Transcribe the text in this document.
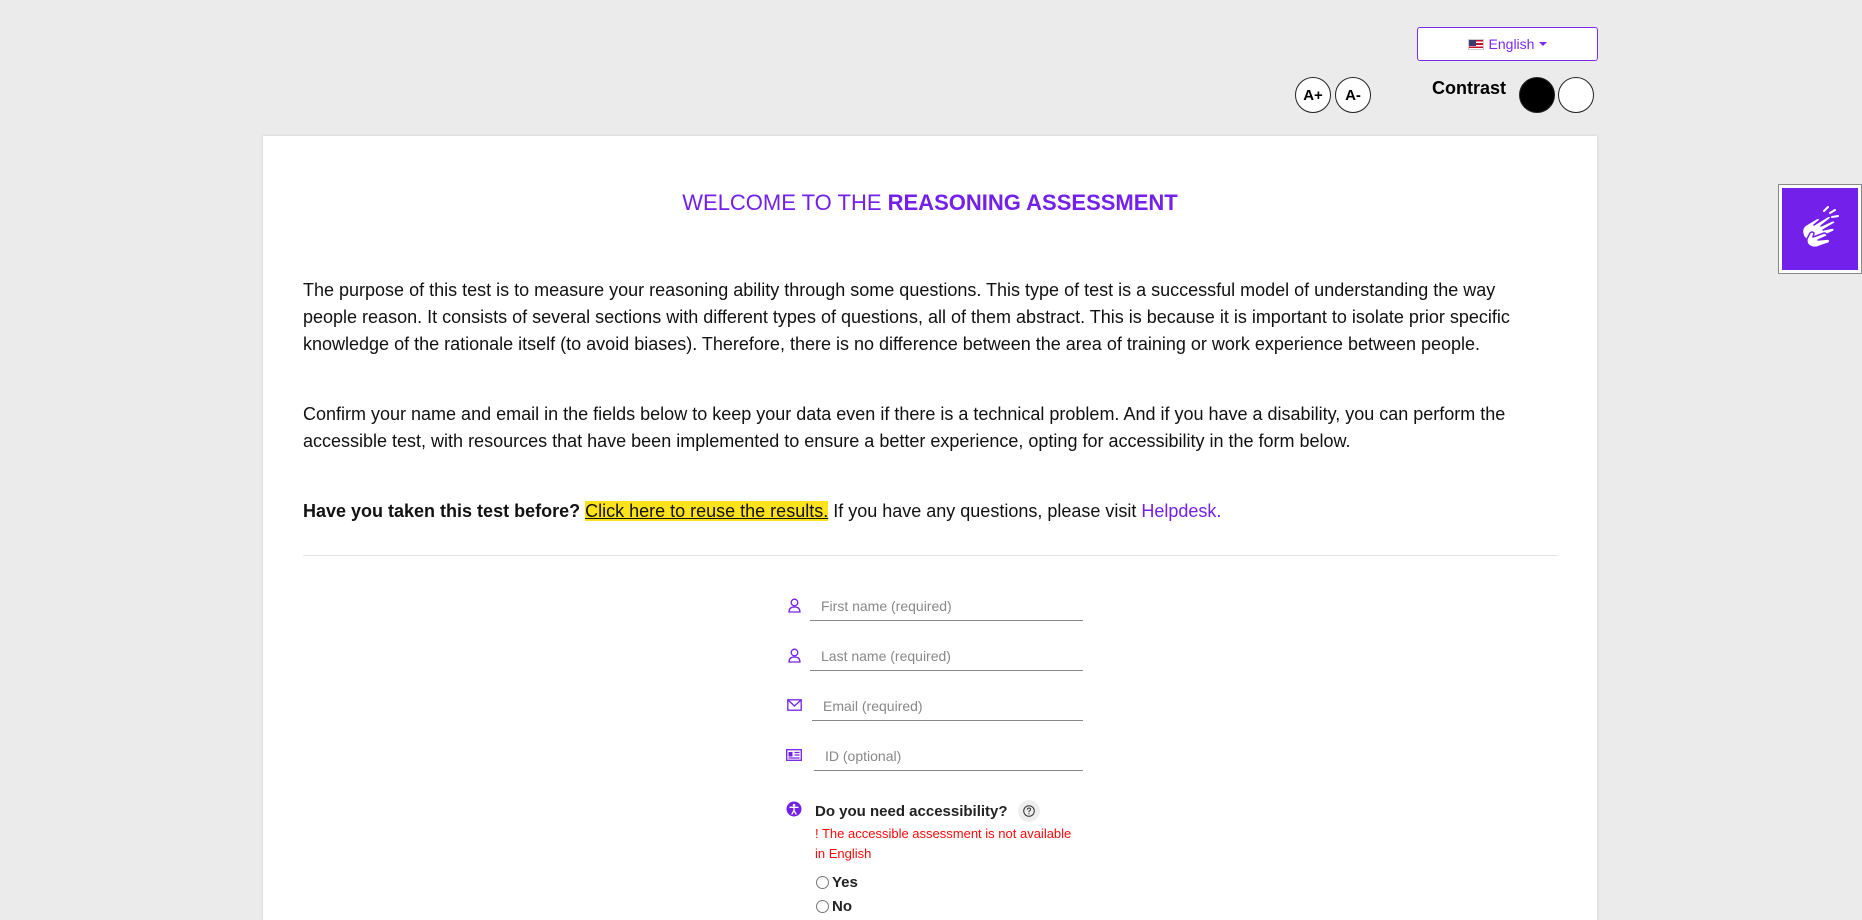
English
A+	A-	Contrast
WELCOME TO THE REASONING ASSESSMENT

The purpose of this test is to measure your reasoning ability through some questions. This type of test is a successful model of understanding the way people reason. It consists of several sections with different types of questions, all of them abstract. This is because it is important to isolate prior specific knowledge of the rationale itself (to avoid biases). Therefore, there is no difference between the area of training or work experience between people.

Confirm your name and email in the fields below to keep your data even if there is a technical problem. And if you have a disability, you can perform the accessible test, with resources that have been implemented to ensure a better experience, opting for accessibility in the form below.

Have you taken this test before? Click here to reuse the results. If you have any questions, please visit Helpdesk.

First name (required)
Last name (required)
Email (required)
ID (optional)
Do you need accessibility?
! The accessible assessment is not available in English
Yes
No
